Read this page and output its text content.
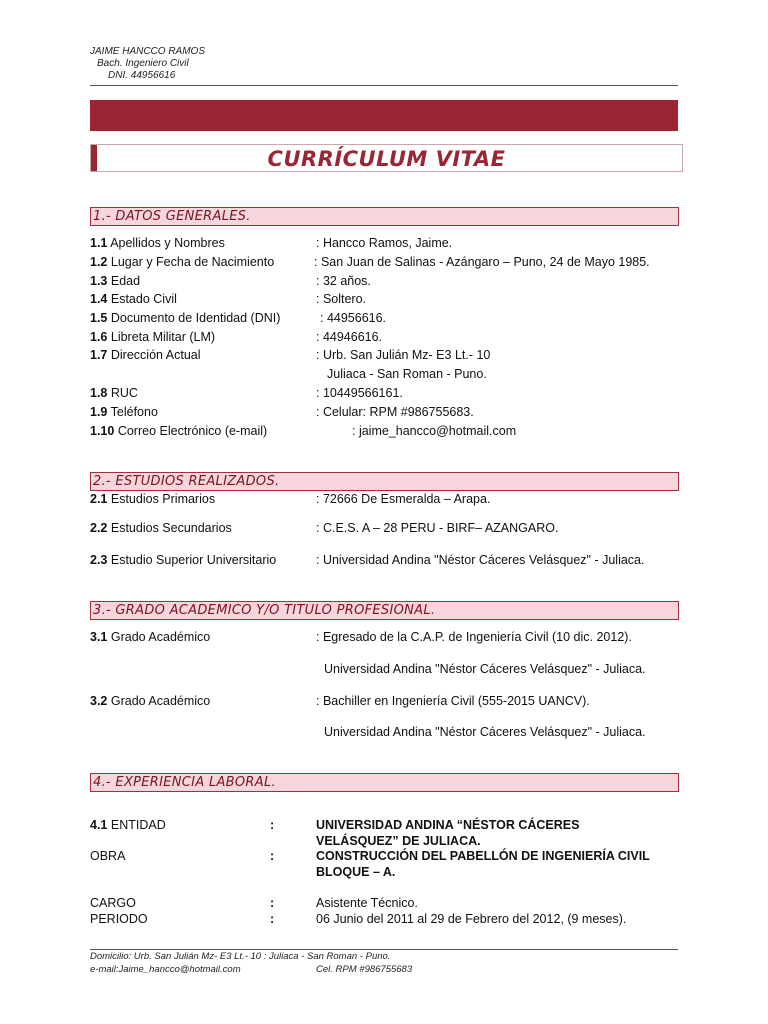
JAIME HANCCO RAMOS
Bach. Ingeniero Civil
DNI. 44956616
CURRÍCULUM VITAE
1.- DATOS GENERALES.
1.1 Apellidos y Nombres	: Hancco Ramos, Jaime.
1.2 Lugar y Fecha de Nacimiento	: San Juan de Salinas - Azángaro – Puno, 24 de Mayo 1985.
1.3 Edad	: 32 años.
1.4 Estado Civil	: Soltero.
1.5 Documento de Identidad (DNI)	: 44956616.
1.6 Libreta Militar (LM)	: 44946616.
1.7 Dirección Actual	: Urb. San Julián Mz- E3 Lt.- 10
Juliaca - San Roman - Puno.
1.8 RUC	: 10449566161.
1.9 Teléfono	: Celular: RPM #986755683.
1.10 Correo Electrónico (e-mail)	: jaime_hancco@hotmail.com
2.- ESTUDIOS REALIZADOS.
2.1 Estudios Primarios	: 72666 De Esmeralda – Arapa.
2.2 Estudios Secundarios	: C.E.S. A – 28 PERU - BIRF– AZANGARO.
2.3 Estudio Superior Universitario	: Universidad Andina "Néstor Cáceres Velásquez" - Juliaca.
3.- GRADO ACADEMICO Y/O TITULO PROFESIONAL.
3.1 Grado Académico	: Egresado de la C.A.P. de Ingeniería Civil (10 dic. 2012).
Universidad Andina "Néstor Cáceres Velásquez" - Juliaca.
3.2 Grado Académico	: Bachiller en Ingeniería Civil (555-2015 UANCV).
Universidad Andina "Néstor Cáceres Velásquez" - Juliaca.
4.- EXPERIENCIA LABORAL.
4.1 ENTIDAD	:	UNIVERSIDAD ANDINA “NÉSTOR CÁCERES VELÁSQUEZ” DE JULIACA.
OBRA	:	CONSTRUCCIÓN DEL PABELLÓN DE INGENIERÍA CIVIL BLOQUE – A.
CARGO	:	Asistente Técnico.
PERIODO	:	06 Junio del 2011 al 29 de Febrero del 2012, (9 meses).
Domicilio: Urb. San Julián Mz- E3 Lt.- 10 : Juliaca - San Roman - Puno.
e-mail:Jaime_hancco@hotmail.com	Cel. RPM #986755683
